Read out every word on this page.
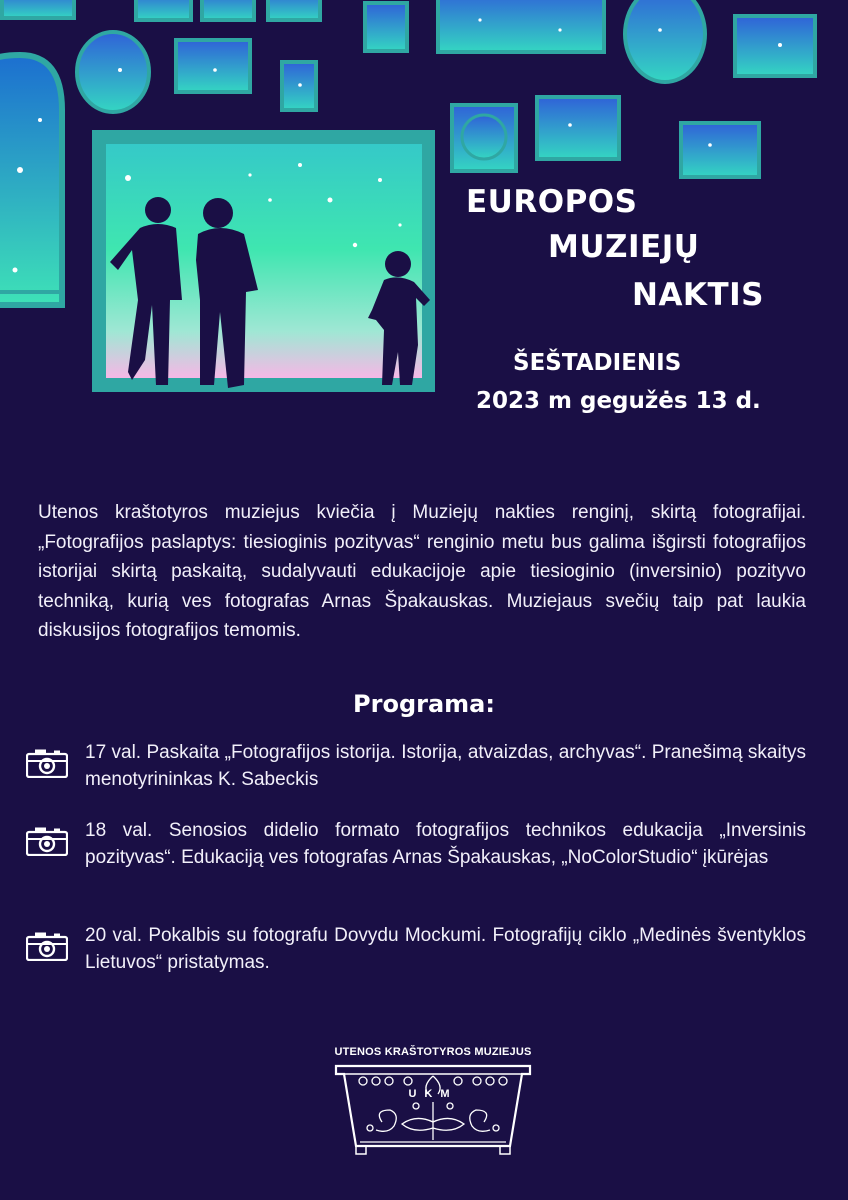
EUROPOS
MUZIEJŲ
NAKTIS
ŠEŠTADIENIS
2023 m gegužės 13 d.

Utenos kraštotyros muziejus kviečia į Muziejų nakties renginį, skirtą fotografijai. „Fotografijos paslaptys: tiesioginis pozityvas“ renginio metu bus galima išgirsti fotografijos istorijai skirtą paskaitą, sudalyvauti edukacijoje apie tiesioginio (inversinio) pozityvo techniką, kurią ves fotografas Arnas Špakauskas. Muziejaus svečių taip pat laukia diskusijos fotografijos temomis.

Programa:

17 val. Paskaita „Fotografijos istorija. Istorija, atvaizdas, archyvas“. Pranešimą skaitys menotyrininkas K. Sabeckis

18 val. Senosios didelio formato fotografijos technikos edukacija „Inversinis pozityvas“. Edukaciją ves fotografas Arnas Špakauskas, „NoColorStudio“ įkūrėjas

20 val. Pokalbis su fotografu Dovydu Mockumi. Fotografijų ciklo „Medinės šventyklos Lietuvos“ pristatymas.

UTENOS KRAŠTOTYROS MUZIEJUS
UKM
